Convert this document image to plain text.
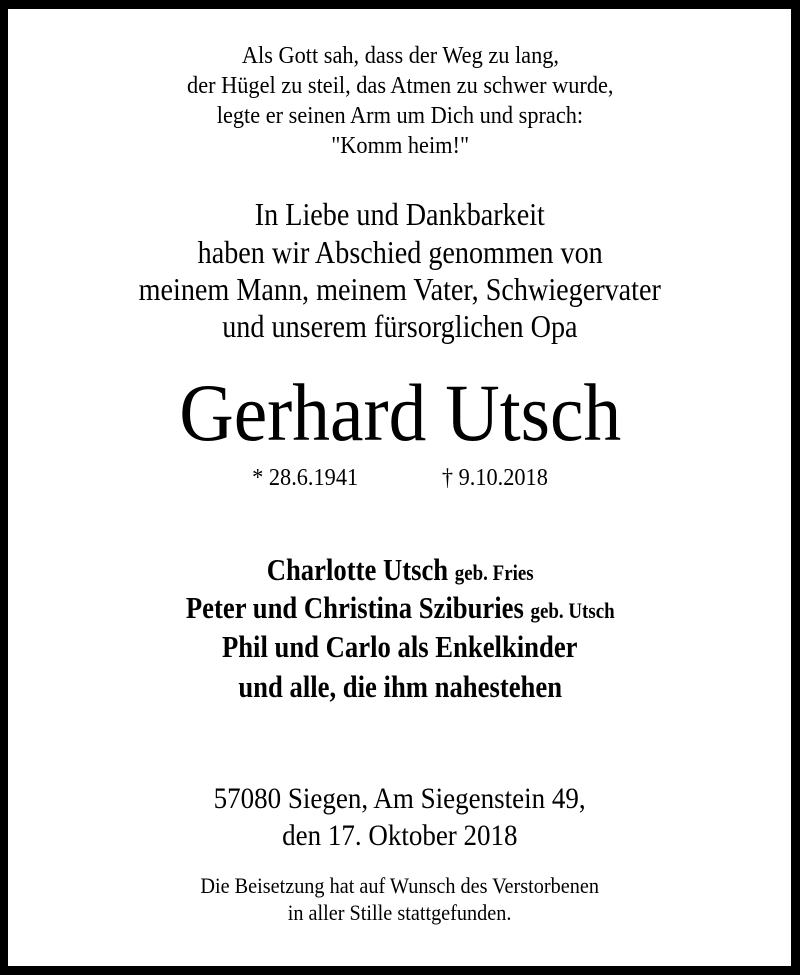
Als Gott sah, dass der Weg zu lang,
der Hügel zu steil, das Atmen zu schwer wurde,
legte er seinen Arm um Dich und sprach:
"Komm heim!"
In Liebe und Dankbarkeit
haben wir Abschied genommen von
meinem Mann, meinem Vater, Schwiegervater
und unserem fürsorglichen Opa
Gerhard Utsch
* 28.6.1941	† 9.10.2018
Charlotte Utsch geb. Fries
Peter und Christina Sziburies geb. Utsch
Phil und Carlo als Enkelkinder
und alle, die ihm nahestehen
57080 Siegen, Am Siegenstein 49,
den 17. Oktober 2018
Die Beisetzung hat auf Wunsch des Verstorbenen
in aller Stille stattgefunden.
